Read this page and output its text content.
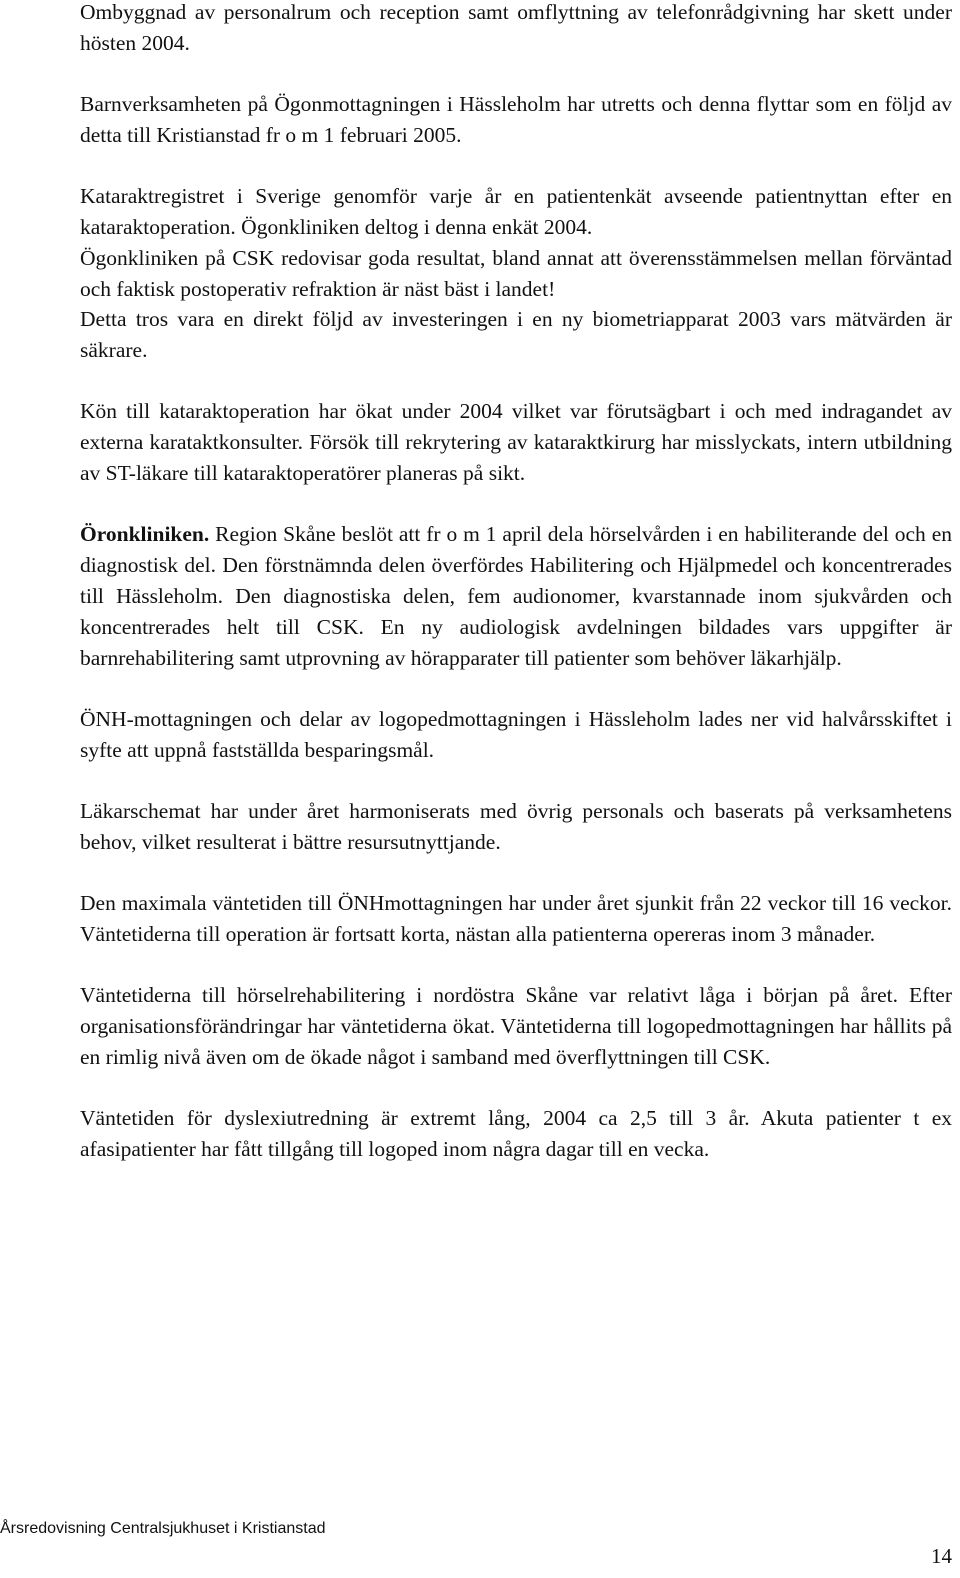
Ombyggnad av personalrum och reception samt omflyttning av telefonrådgivning har skett under hösten 2004.

Barnverksamheten på Ögonmottagningen i Hässleholm har utretts och denna flyttar som en följd av detta till Kristianstad fr o m 1 februari 2005.

Kataraktregistret i Sverige genomför varje år en patientenkät avseende patientnyttan efter en kataraktoperation. Ögonkliniken deltog i denna enkät 2004.

Ögonkliniken på CSK redovisar goda resultat, bland annat att överensstämmelsen mellan förväntad och faktisk postoperativ refraktion är näst bäst i landet!

Detta tros vara en direkt följd av investeringen i en ny biometriapparat 2003 vars mätvärden är säkrare.

Kön till kataraktoperation har ökat under 2004 vilket var förutsägbart i och med indragandet av externa karataktkonsulter. Försök till rekrytering av kataraktkirurg har misslyckats, intern utbildning av ST-läkare till kataraktoperatörer planeras på sikt.

Öronkliniken. Region Skåne beslöt att fr o m 1 april dela hörselvården i en habiliterande del och en diagnostisk del. Den förstnämnda delen överfördes Habilitering och Hjälpmedel och koncentrerades till Hässleholm. Den diagnostiska delen, fem audionomer, kvarstannade inom sjukvården och koncentrerades helt till CSK. En ny audiologisk avdelningen bildades vars uppgifter är barnrehabilitering samt utprovning av hörapparater till patienter som behöver läkarhjälp.

ÖNH-mottagningen och delar av logopedmottagningen i Hässleholm lades ner vid halvårsskiftet i syfte att uppnå fastställda besparingsmål.

Läkarschemat har under året harmoniserats med övrig personals och baserats på verksamhetens behov, vilket resulterat i bättre resursutnyttjande.

Den maximala väntetiden till ÖNHmottagningen har under året sjunkit från 22 veckor till 16 veckor. Väntetiderna till operation är fortsatt korta, nästan alla patienterna opereras inom 3 månader.

Väntetiderna till hörselrehabilitering i nordöstra Skåne var relativt låga i början på året. Efter organisationsförändringar har väntetiderna ökat. Väntetiderna till logopedmottagningen har hållits på en rimlig nivå även om de ökade något i samband med överflyttningen till CSK.

Väntetiden för dyslexiutredning är extremt lång, 2004 ca 2,5 till 3 år. Akuta patienter t ex afasipatienter har fått tillgång till logoped inom några dagar till en vecka.

Årsredovisning Centralsjukhuset i Kristianstad
14
